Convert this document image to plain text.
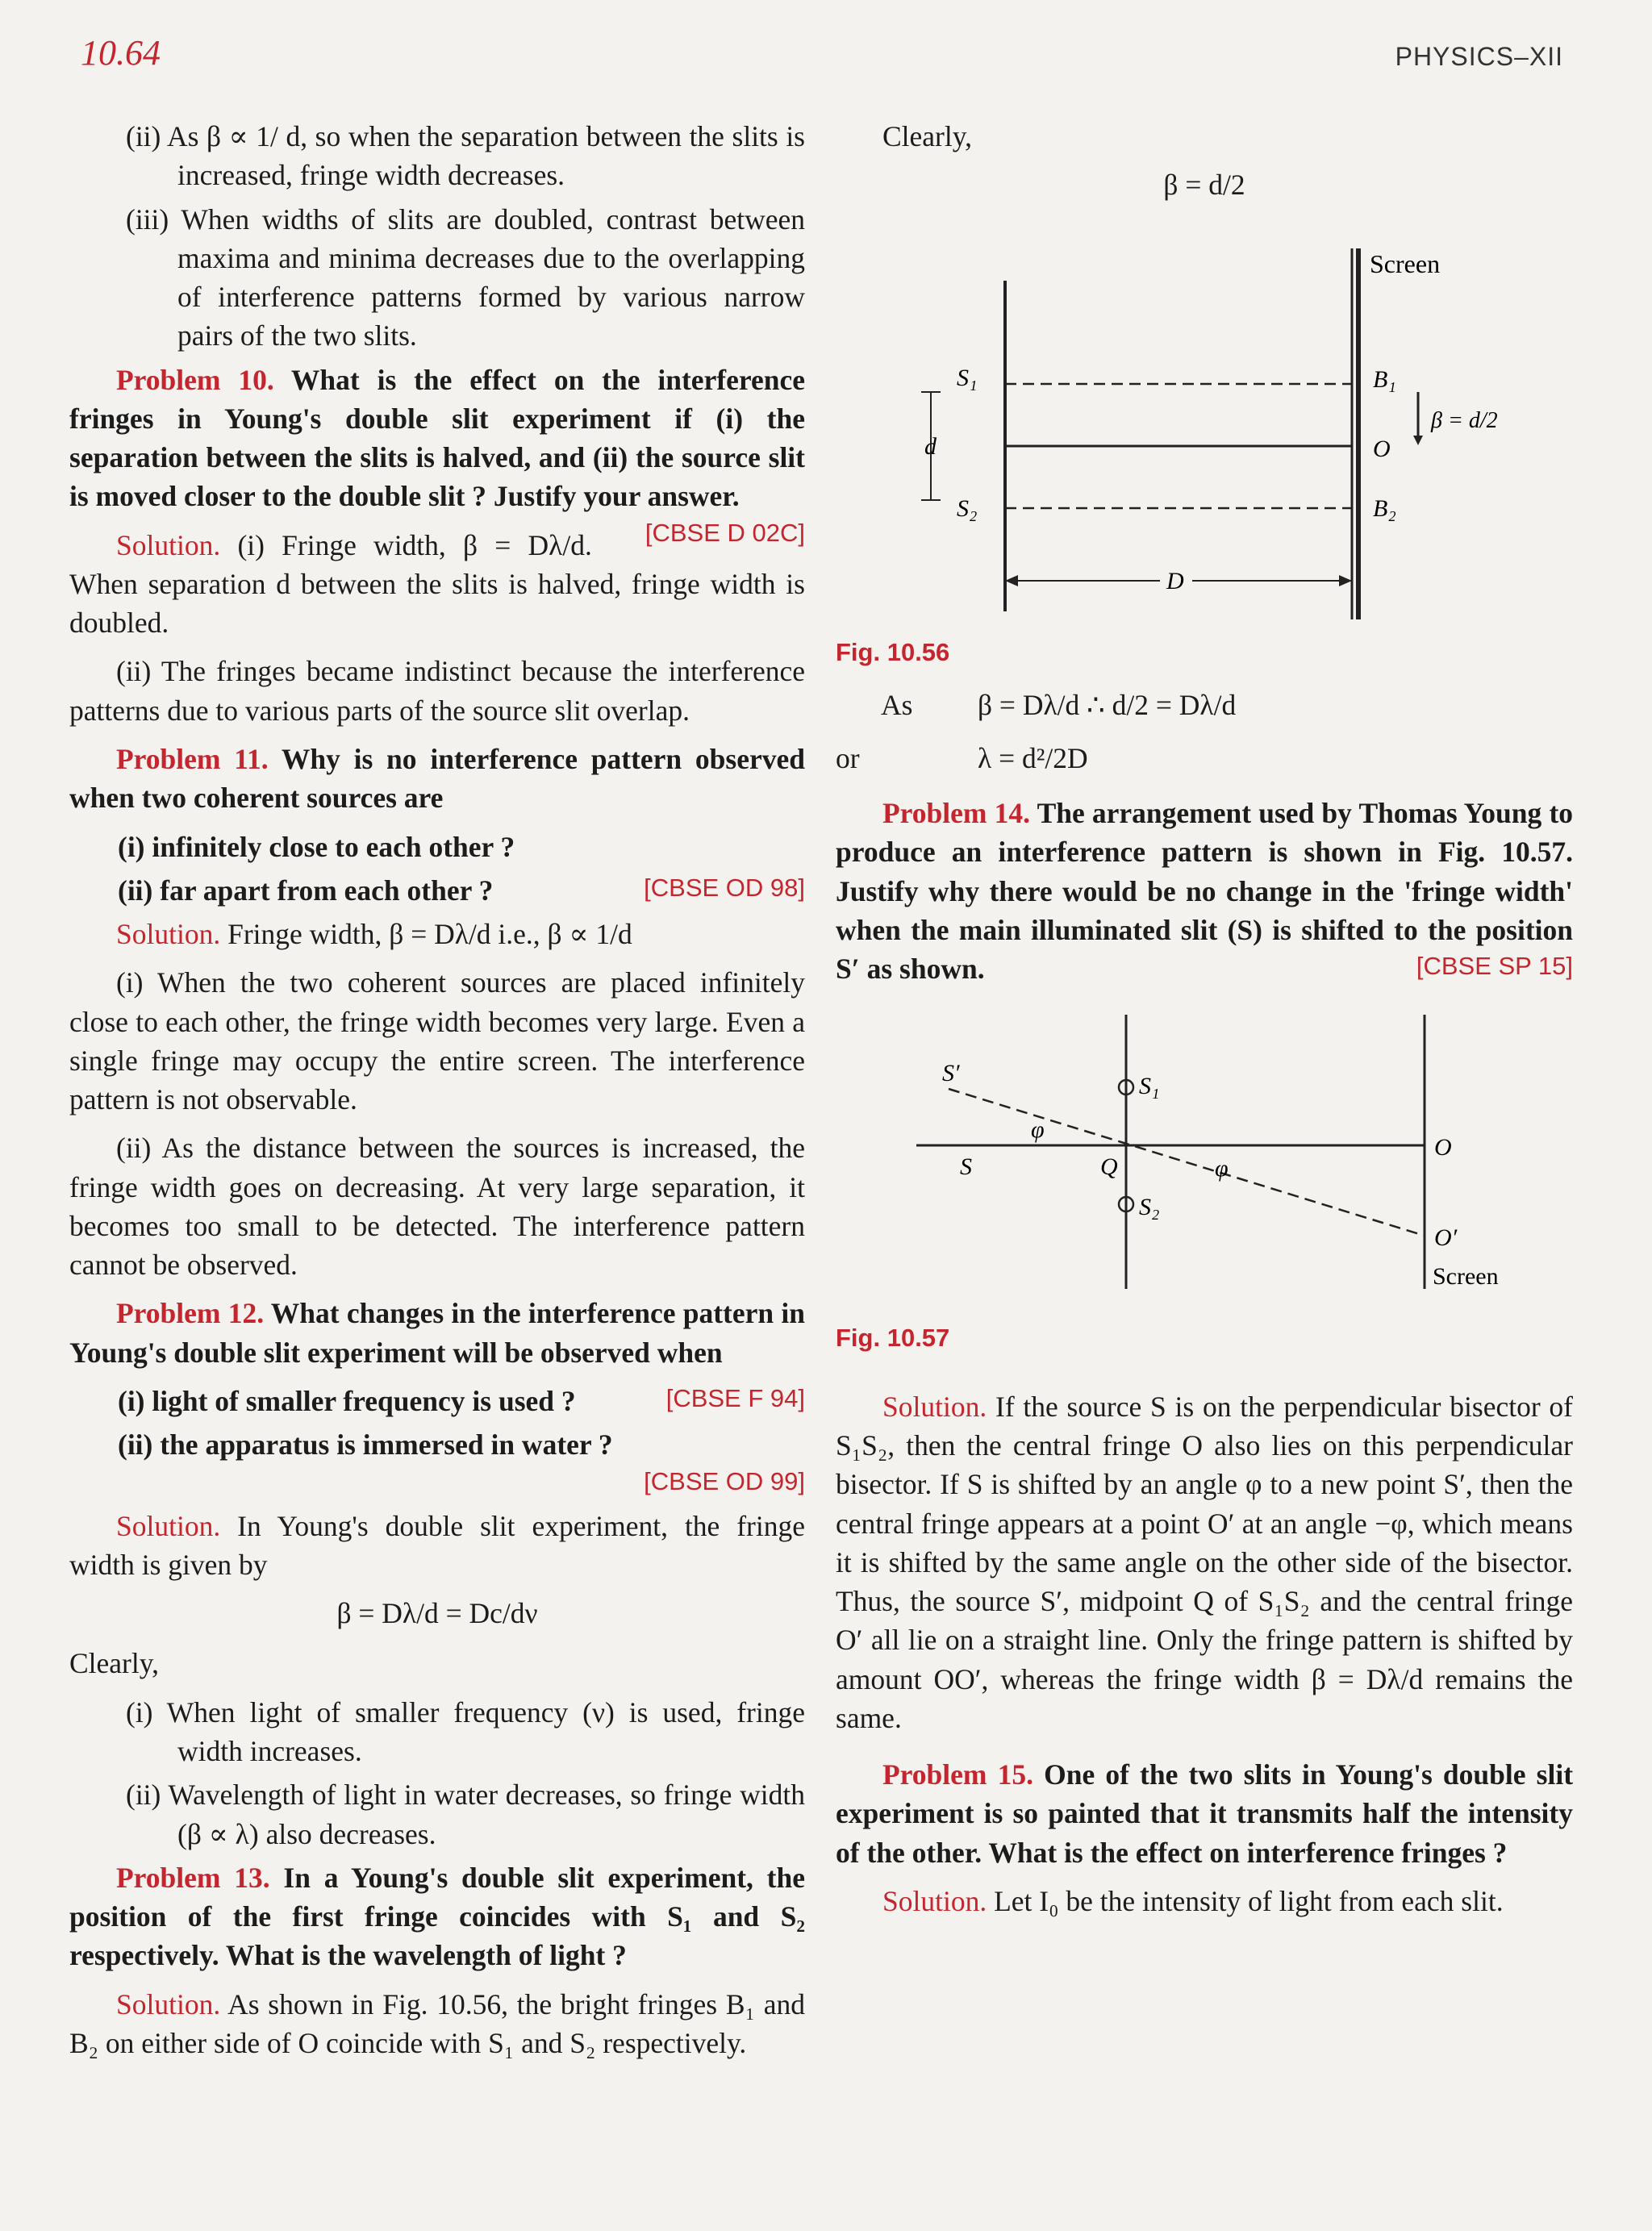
10.64	PHYSICS–XII

(ii) As β ∝ 1/ d, so when the separation between the slits is increased, fringe width decreases.

(iii) When widths of slits are doubled, contrast between maxima and minima decreases due to the overlapping of interference patterns formed by various narrow pairs of the two slits.

Problem 10. What is the effect on the interference fringes in Young's double slit experiment if (i) the separation between the slits is halved, and (ii) the source slit is moved closer to the double slit ? Justify your answer.
[CBSE D 02C]

Solution. (i) Fringe width, β = Dλ/d. When separation d between the slits is halved, fringe width is doubled.

(ii) The fringes became indistinct because the interference patterns due to various parts of the source slit overlap.

Problem 11. Why is no interference pattern observed when two coherent sources are

(i) infinitely close to each other ?

(ii) far apart from each other ?	[CBSE OD 98]

Solution. Fringe width, β = Dλ/d i.e., β ∝ 1/d

(i) When the two coherent sources are placed infinitely close to each other, the fringe width becomes very large. Even a single fringe may occupy the entire screen. The interference pattern is not observable.

(ii) As the distance between the sources is increased, the fringe width goes on decreasing. At very large separation, it becomes too small to be detected. The interference pattern cannot be observed.

Problem 12. What changes in the interference pattern in Young's double slit experiment will be observed when

(i) light of smaller frequency is used ?	[CBSE F 94]

(ii) the apparatus is immersed in water ?

[CBSE OD 99]

Solution. In Young's double slit experiment, the fringe width is given by

β = Dλ/d = Dc/dν

Clearly,

(i) When light of smaller frequency (ν) is used, fringe width increases.

(ii) Wavelength of light in water decreases, so fringe width (β ∝ λ) also decreases.

Problem 13. In a Young's double slit experiment, the position of the first fringe coincides with S₁ and S₂ respectively. What is the wavelength of light ?

Solution. As shown in Fig. 10.56, the bright fringes B₁ and B₂ on either side of O coincide with S₁ and S₂ respectively.

Clearly,

β = d/2
Screen
S₁
S₂
d
B₁
O
B₂
β = d/2
D

Fig. 10.56

As	β = Dλ/d ∴ d/2 = Dλ/d
or	λ = d²/2D

Problem 14. The arrangement used by Thomas Young to produce an interference pattern is shown in Fig. 10.57. Justify why there would be no change in the 'fringe width' when the main illuminated slit (S) is shifted to the position S′ as shown.	[CBSE SP 15]

S′
S
S₁
S₂
Q
φ
φ
O
O′
Screen

Fig. 10.57

Solution. If the source S is on the perpendicular bisector of S₁S₂, then the central fringe O also lies on this perpendicular bisector. If S is shifted by an angle φ to a new point S′, then the central fringe appears at a point O′ at an angle −φ, which means it is shifted by the same angle on the other side of the bisector. Thus, the source S′, midpoint Q of S₁S₂ and the central fringe O′ all lie on a straight line. Only the fringe pattern is shifted by amount OO′, whereas the fringe width β = Dλ/d remains the same.

Problem 15. One of the two slits in Young's double slit experiment is so painted that it transmits half the intensity of the other. What is the effect on interference fringes ?

Solution. Let I₀ be the intensity of light from each slit.
